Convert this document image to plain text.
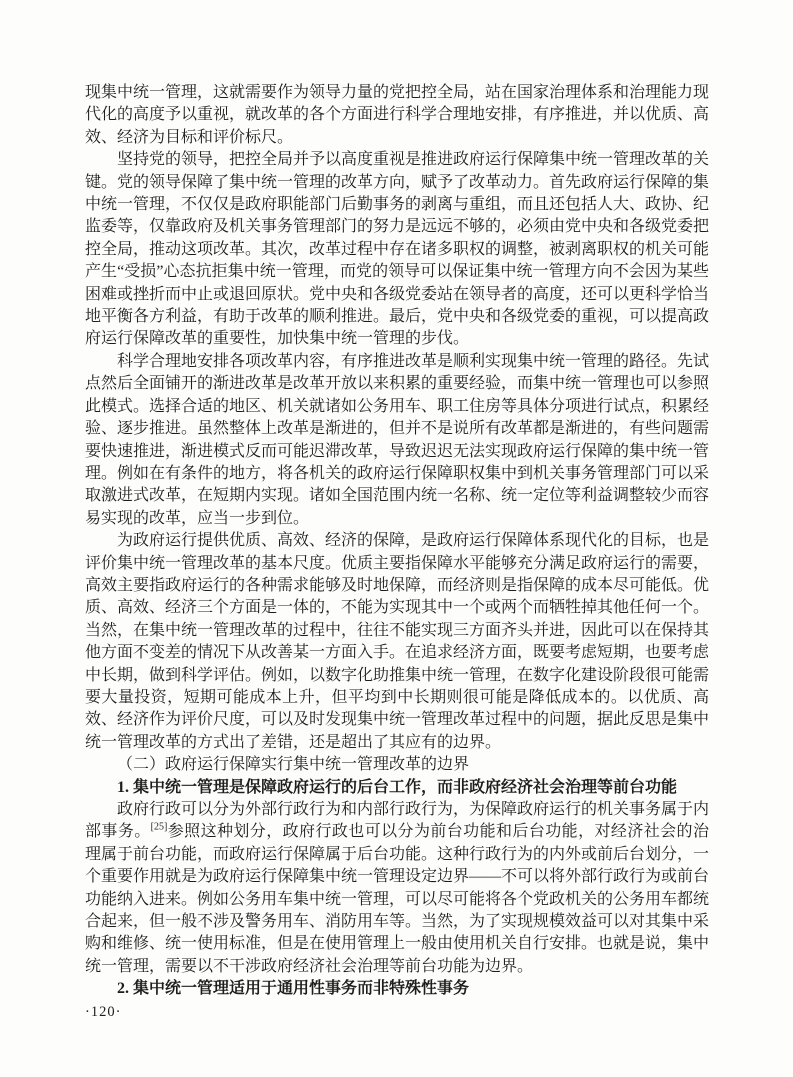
现集中统一管理，这就需要作为领导力量的党把控全局，站在国家治理体系和治理能力现代化的高度予以重视，就改革的各个方面进行科学合理地安排，有序推进，并以优质、高效、经济为目标和评价标尺。

坚持党的领导，把控全局并予以高度重视是推进政府运行保障集中统一管理改革的关键。党的领导保障了集中统一管理的改革方向，赋予了改革动力。首先政府运行保障的集中统一管理，不仅仅是政府职能部门后勤事务的剥离与重组，而且还包括人大、政协、纪监委等，仅靠政府及机关事务管理部门的努力是远远不够的，必须由党中央和各级党委把控全局，推动这项改革。其次，改革过程中存在诸多职权的调整，被剥离职权的机关可能产生“受损”心态抗拒集中统一管理，而党的领导可以保证集中统一管理方向不会因为某些困难或挫折而中止或退回原状。党中央和各级党委站在领导者的高度，还可以更科学恰当地平衡各方利益，有助于改革的顺利推进。最后，党中央和各级党委的重视，可以提高政府运行保障改革的重要性，加快集中统一管理的步伐。

科学合理地安排各项改革内容，有序推进改革是顺利实现集中统一管理的路径。先试点然后全面铺开的渐进改革是改革开放以来积累的重要经验，而集中统一管理也可以参照此模式。选择合适的地区、机关就诸如公务用车、职工住房等具体分项进行试点，积累经验、逐步推进。虽然整体上改革是渐进的，但并不是说所有改革都是渐进的，有些问题需要快速推进，渐进模式反而可能迟滞改革，导致迟迟无法实现政府运行保障的集中统一管理。例如在有条件的地方，将各机关的政府运行保障职权集中到机关事务管理部门可以采取激进式改革，在短期内实现。诸如全国范围内统一名称、统一定位等利益调整较少而容易实现的改革，应当一步到位。

为政府运行提供优质、高效、经济的保障，是政府运行保障体系现代化的目标，也是评价集中统一管理改革的基本尺度。优质主要指保障水平能够充分满足政府运行的需要，高效主要指政府运行的各种需求能够及时地保障，而经济则是指保障的成本尽可能低。优质、高效、经济三个方面是一体的，不能为实现其中一个或两个而牺牲掉其他任何一个。当然，在集中统一管理改革的过程中，往往不能实现三方面齐头并进，因此可以在保持其他方面不变差的情况下从改善某一方面入手。在追求经济方面，既要考虑短期，也要考虑中长期，做到科学评估。例如，以数字化助推集中统一管理，在数字化建设阶段很可能需要大量投资，短期可能成本上升，但平均到中长期则很可能是降低成本的。以优质、高效、经济作为评价尺度，可以及时发现集中统一管理改革过程中的问题，据此反思是集中统一管理改革的方式出了差错，还是超出了其应有的边界。

（二）政府运行保障实行集中统一管理改革的边界

1. 集中统一管理是保障政府运行的后台工作，而非政府经济社会治理等前台功能

政府行政可以分为外部行政行为和内部行政行为，为保障政府运行的机关事务属于内部事务。[25]参照这种划分，政府行政也可以分为前台功能和后台功能，对经济社会的治理属于前台功能，而政府运行保障属于后台功能。这种行政行为的内外或前后台划分，一个重要作用就是为政府运行保障集中统一管理设定边界——不可以将外部行政行为或前台功能纳入进来。例如公务用车集中统一管理，可以尽可能将各个党政机关的公务用车都统合起来，但一般不涉及警务用车、消防用车等。当然，为了实现规模效益可以对其集中采购和维修、统一使用标准，但是在使用管理上一般由使用机关自行安排。也就是说，集中统一管理，需要以不干涉政府经济社会治理等前台功能为边界。

2. 集中统一管理适用于通用性事务而非特殊性事务

·120·
